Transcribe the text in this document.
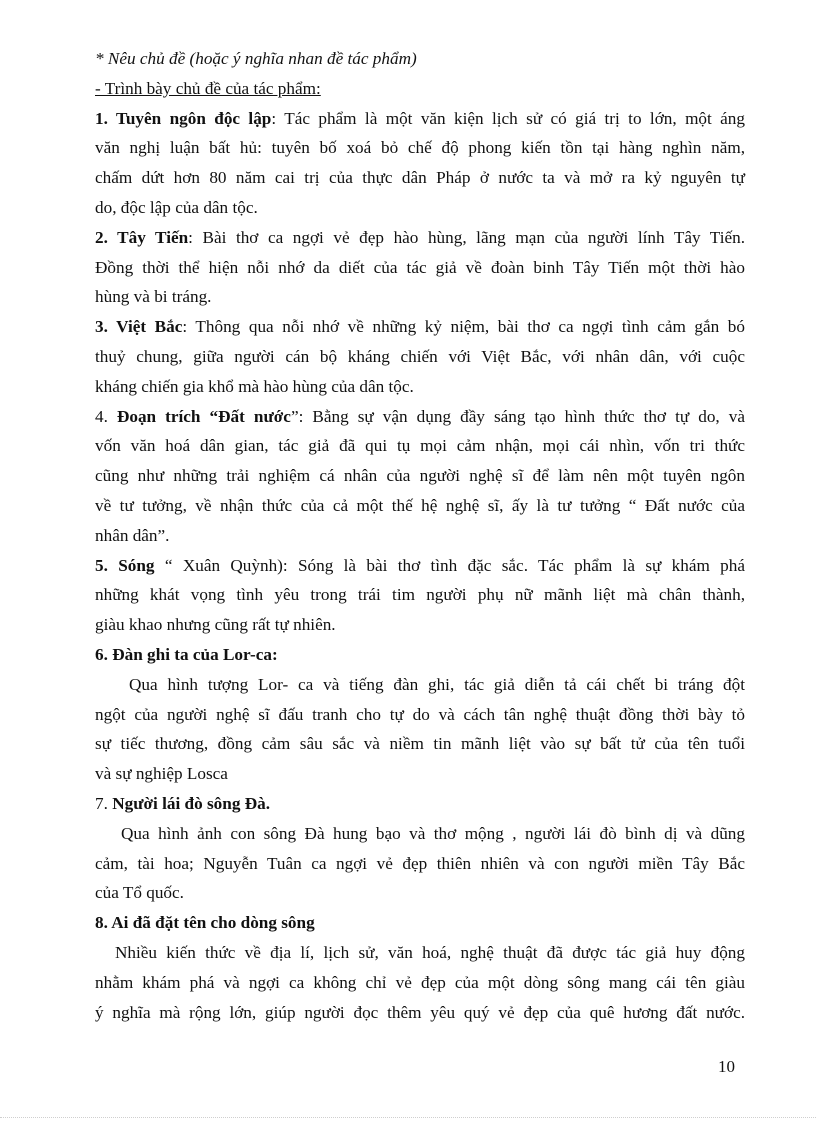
* Nêu chủ đề (hoặc ý nghĩa nhan đề tác phẩm)
- Trình bày chủ đề của tác phẩm:
1. Tuyên ngôn độc lập: Tác phẩm là một văn kiện lịch sử có giá trị to lớn, một áng
văn nghị luận bất hủ: tuyên bố xoá bỏ chế độ phong kiến tồn tại hàng nghìn năm,
chấm dứt hơn 80 năm cai trị của thực dân Pháp ở nước ta và mở ra kỷ nguyên tự
do, độc lập của dân tộc.
2. Tây Tiến: Bài thơ ca ngợi vẻ đẹp hào hùng, lãng mạn của người lính Tây Tiến.
Đồng thời thể hiện nỗi nhớ da diết của tác giả về đoàn binh Tây Tiến một thời hào
hùng và bi tráng.
3. Việt Bắc: Thông qua nỗi nhớ về những kỷ niệm, bài thơ ca ngợi tình cảm gắn bó
thuỷ chung, giữa người cán bộ kháng chiến với Việt Bắc, với nhân dân, với cuộc
kháng chiến gia khổ mà hào hùng của dân tộc.
4. Đoạn trích “Đất nước”: Bằng sự vận dụng đầy sáng tạo hình thức thơ tự do, và
vốn văn hoá dân gian, tác giả đã qui tụ mọi cảm nhận, mọi cái nhìn, vốn tri thức
cũng như những trải nghiệm cá nhân của người nghệ sĩ để làm nên một tuyên ngôn
về tư tưởng, về nhận thức của cả một thế hệ nghệ sĩ, ấy là tư tưởng “ Đất nước của
nhân dân”.
5. Sóng “ Xuân Quỳnh): Sóng là bài thơ tình đặc sắc. Tác phẩm là sự khám phá
những khát vọng tình yêu trong trái tim người phụ nữ mãnh liệt mà chân thành,
giàu khao nhưng cũng rất tự nhiên.
6. Đàn ghi ta của Lor-ca:
Qua hình tượng Lor- ca và tiếng đàn ghi, tác giả diễn tả cái chết bi tráng đột
ngột của người nghệ sĩ đấu tranh cho tự do và cách tân nghệ thuật đồng thời bày tỏ
sự tiếc thương, đồng cảm sâu sắc và niềm tin mãnh liệt vào sự bất tử của tên tuổi
và sự nghiệp Losca
7. Người lái đò sông Đà.
Qua hình ảnh con sông Đà hung bạo và thơ mộng , người lái đò bình dị và dũng
cảm, tài hoa; Nguyễn Tuân ca ngợi vẻ đẹp thiên nhiên và con người miền Tây Bắc
của Tổ quốc.
8. Ai đã đặt tên cho dòng sông
Nhiều kiến thức về địa lí, lịch sử, văn hoá, nghệ thuật đã được tác giả huy động
nhằm khám phá và ngợi ca không chỉ vẻ đẹp của một dòng sông mang cái tên giàu
ý nghĩa mà rộng lớn, giúp người đọc thêm yêu quý vẻ đẹp của quê hương đất nước.
10
